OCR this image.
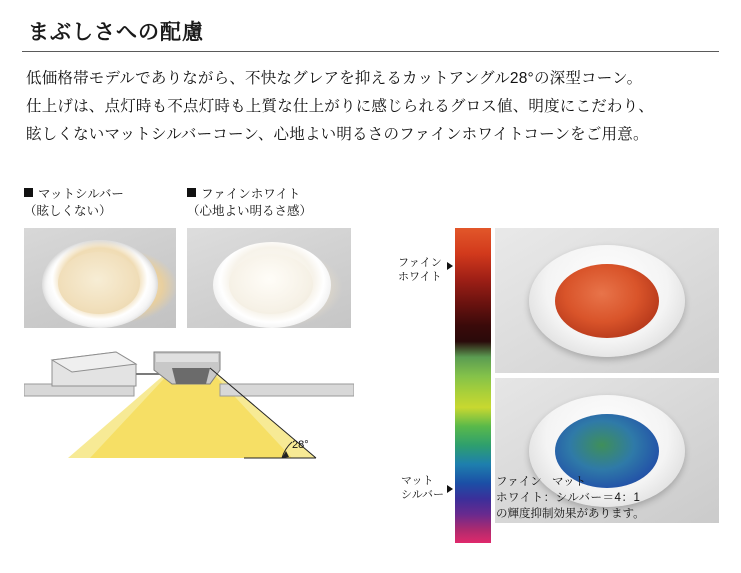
まぶしさへの配慮
低価格帯モデルでありながら、不快なグレアを抑えるカットアングル28°の深型コーン。
仕上げは、点灯時も不点灯時も上質な仕上がりに感じられるグロス値、明度にこだわり、
眩しくないマットシルバーコーン、心地よい明るさのファインホワイトコーンをご用意。
マットシルバー
（眩しくない）
ファインホワイト
（心地よい明るさ感）
28°
ファイン
ホワイト
マット
シルバー
ファイン マット
ホワイト：シルバー＝4：1
の輝度抑制効果があります。
